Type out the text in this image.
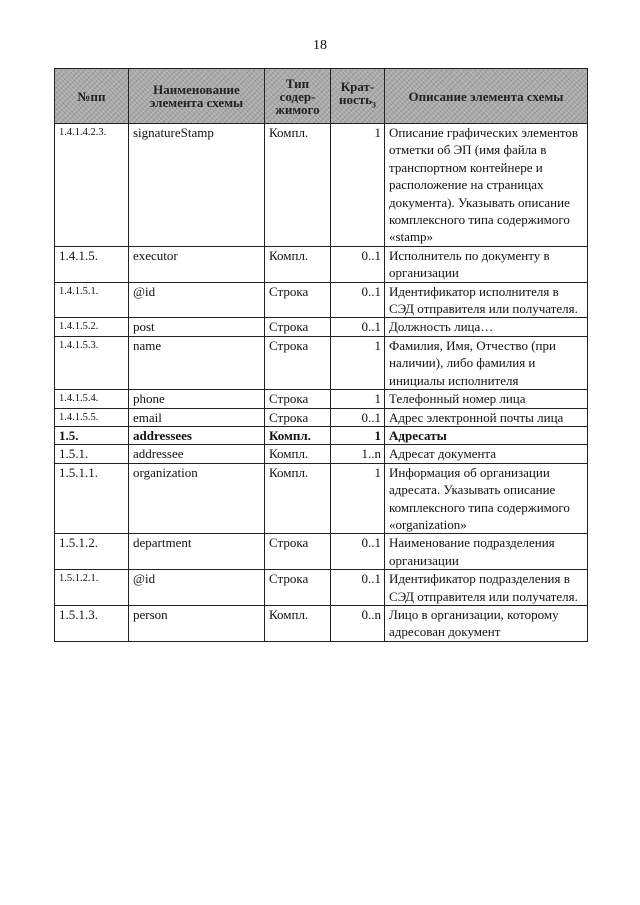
18
№пп	Наименование элемента схемы	Тип содер-жимого	Крат-ность$_3$	Описание элемента схемы
1.4.1.4.2.3.	signatureStamp	Компл.	1	Описание графических элементов отметки об ЭП (имя файла в транспортном контейнере и расположение на страницах документа). Указывать описание комплексного типа содержимого «stamp»
1.4.1.5.	executor	Компл.	0..1	Исполнитель по документу в организации
1.4.1.5.1.	@id	Строка	0..1	Идентификатор исполнителя в СЭД отправителя или получателя.
1.4.1.5.2.	post	Строка	0..1	Должность лица…
1.4.1.5.3.	name	Строка	1	Фамилия, Имя, Отчество (при наличии), либо фамилия и инициалы исполнителя
1.4.1.5.4.	phone	Строка	1	Телефонный номер лица
1.4.1.5.5.	email	Строка	0..1	Адрес электронной почты лица
1.5.	addressees	Компл.	1	Адресаты
1.5.1.	addressee	Компл.	1..n	Адресат документа
1.5.1.1.	organization	Компл.	1	Информация об организации адресата. Указывать описание комплексного типа содержимого «organization»
1.5.1.2.	department	Строка	0..1	Наименование подразделения организации
1.5.1.2.1.	@id	Строка	0..1	Идентификатор подразделения в СЭД отправителя или получателя.
1.5.1.3.	person	Компл.	0..n	Лицо в организации, которому адресован документ
